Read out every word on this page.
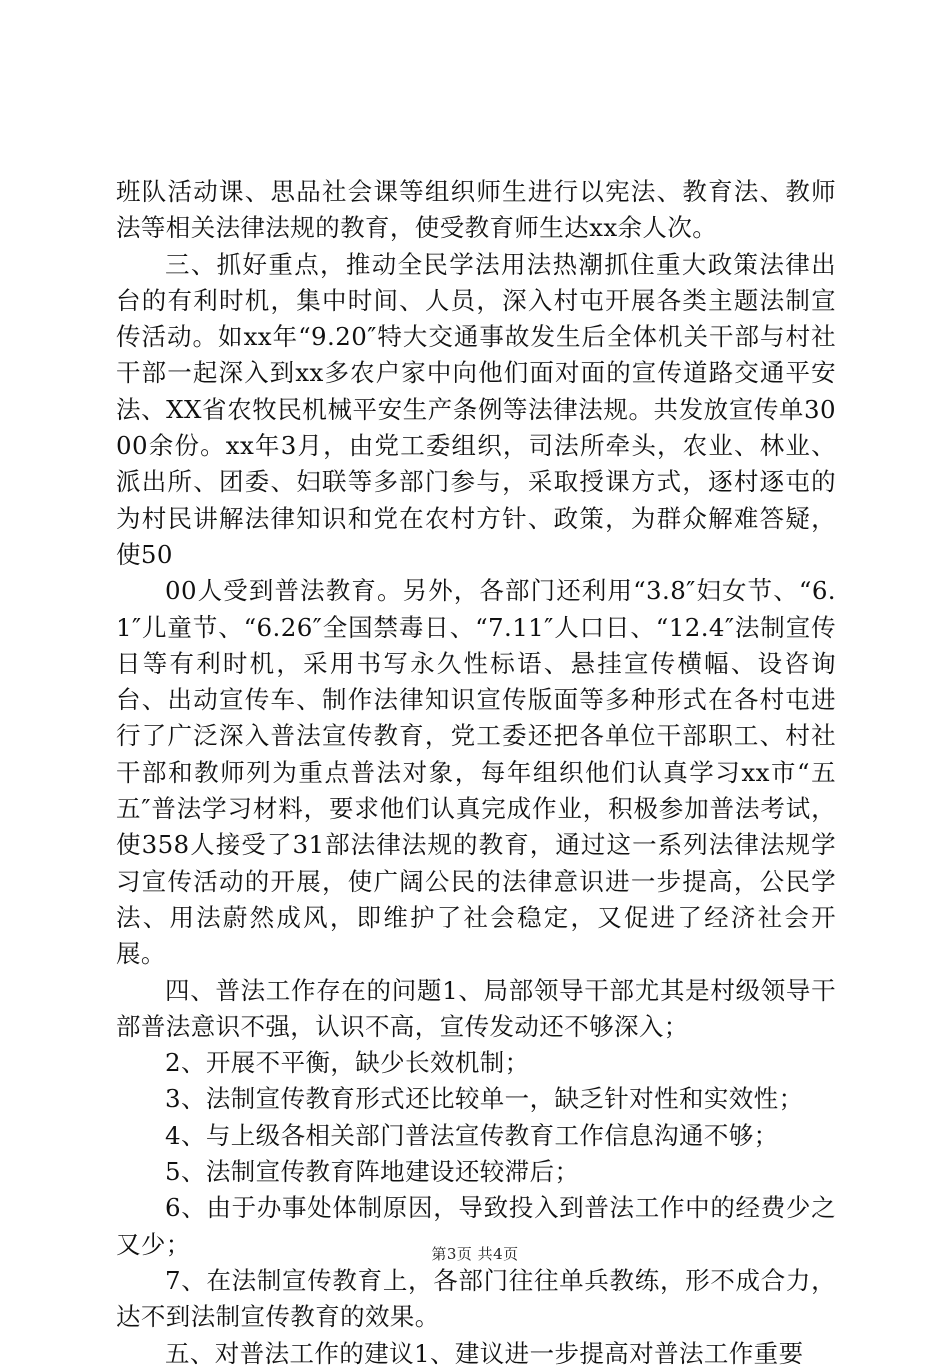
班队活动课、思品社会课等组织师生进行以宪法、教育法、教师法等相关法律法规的教育，使受教育师生达xx余人次。

三、抓好重点，推动全民学法用法热潮抓住重大政策法律出台的有利时机，集中时间、人员，深入村屯开展各类主题法制宣传活动。如xx年“9.20″特大交通事故发生后全体机关干部与村社干部一起深入到xx多农户家中向他们面对面的宣传道路交通平安法、XX省农牧民机械平安生产条例等法律法规。共发放宣传单3000余份。xx年3月，由党工委组织，司法所牵头，农业、林业、派出所、团委、妇联等多部门参与，采取授课方式，逐村逐屯的为村民讲解法律知识和党在农村方针、政策，为群众解难答疑，使50

00人受到普法教育。另外，各部门还利用“3.8″妇女节、“6.1″儿童节、“6.26″全国禁毒日、“7.11″人口日、“12.4″法制宣传日等有利时机，采用书写永久性标语、悬挂宣传横幅、设咨询台、出动宣传车、制作法律知识宣传版面等多种形式在各村屯进行了广泛深入普法宣传教育，党工委还把各单位干部职工、村社干部和教师列为重点普法对象，每年组织他们认真学习xx市“五五″普法学习材料，要求他们认真完成作业，积极参加普法考试，使358人接受了31部法律法规的教育，通过这一系列法律法规学习宣传活动的开展，使广阔公民的法律意识进一步提高，公民学法、用法蔚然成风，即维护了社会稳定，又促进了经济社会开展。

四、普法工作存在的问题1、局部领导干部尤其是村级领导干部普法意识不强，认识不高，宣传发动还不够深入；

2、开展不平衡，缺少长效机制；

3、法制宣传教育形式还比较单一，缺乏针对性和实效性；

4、与上级各相关部门普法宣传教育工作信息沟通不够；

5、法制宣传教育阵地建设还较滞后；

6、由于办事处体制原因，导致投入到普法工作中的经费少之又少；

7、在法制宣传教育上，各部门往往单兵教练，形不成合力，达不到法制宣传教育的效果。

五、对普法工作的建议1、建议进一步提高对普法工作重要

第3页 共4页
